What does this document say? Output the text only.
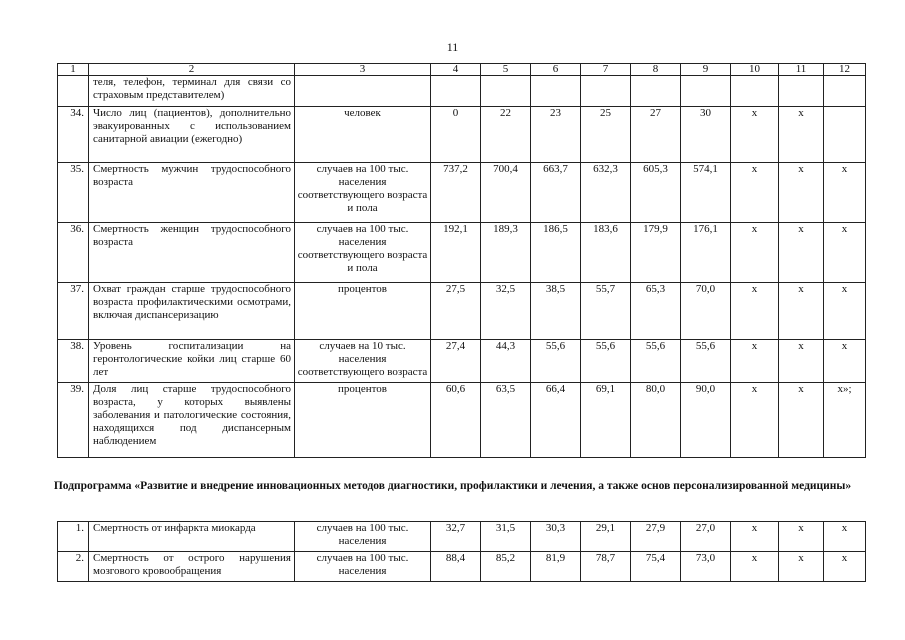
11
1	2	3	4	5	6	7	8	9	10	11	12
	теля, телефон, терминал для связи со страховым представителем)										
34.	Число лиц (пациентов), дополнительно эвакуированных с использованием санитарной авиации (ежегодно)	человек	0	22	23	25	27	30	x	x	
35.	Смертность мужчин трудоспособного возраста	случаев на 100 тыс. населения соответствующего возраста и пола	737,2	700,4	663,7	632,3	605,3	574,1	x	x	x
36.	Смертность женщин трудоспособного возраста	случаев на 100 тыс. населения соответствующего возраста и пола	192,1	189,3	186,5	183,6	179,9	176,1	x	x	x
37.	Охват граждан старше трудоспособного возраста профилактическими осмотрами, включая диспансеризацию	процентов	27,5	32,5	38,5	55,7	65,3	70,0	x	x	x
38.	Уровень госпитализации на геронтологические койки лиц старше 60 лет	случаев на 10 тыс. населения соответствующего возраста	27,4	44,3	55,6	55,6	55,6	55,6	x	x	x
39.	Доля лиц старше трудоспособного возраста, у которых выявлены заболевания и патологические состояния, находящихся под диспансерным наблюдением	процентов	60,6	63,5	66,4	69,1	80,0	90,0	x	x	x»;
Подпрограмма «Развитие и внедрение инновационных методов диагностики, профилактики и лечения, а также основ персонализированной медицины»
1.	Смертность от инфаркта миокарда	случаев на 100 тыс. населения	32,7	31,5	30,3	29,1	27,9	27,0	x	x	x
2.	Смертность от острого нарушения мозгового кровообращения	случаев на 100 тыс. населения	88,4	85,2	81,9	78,7	75,4	73,0	x	x	x
